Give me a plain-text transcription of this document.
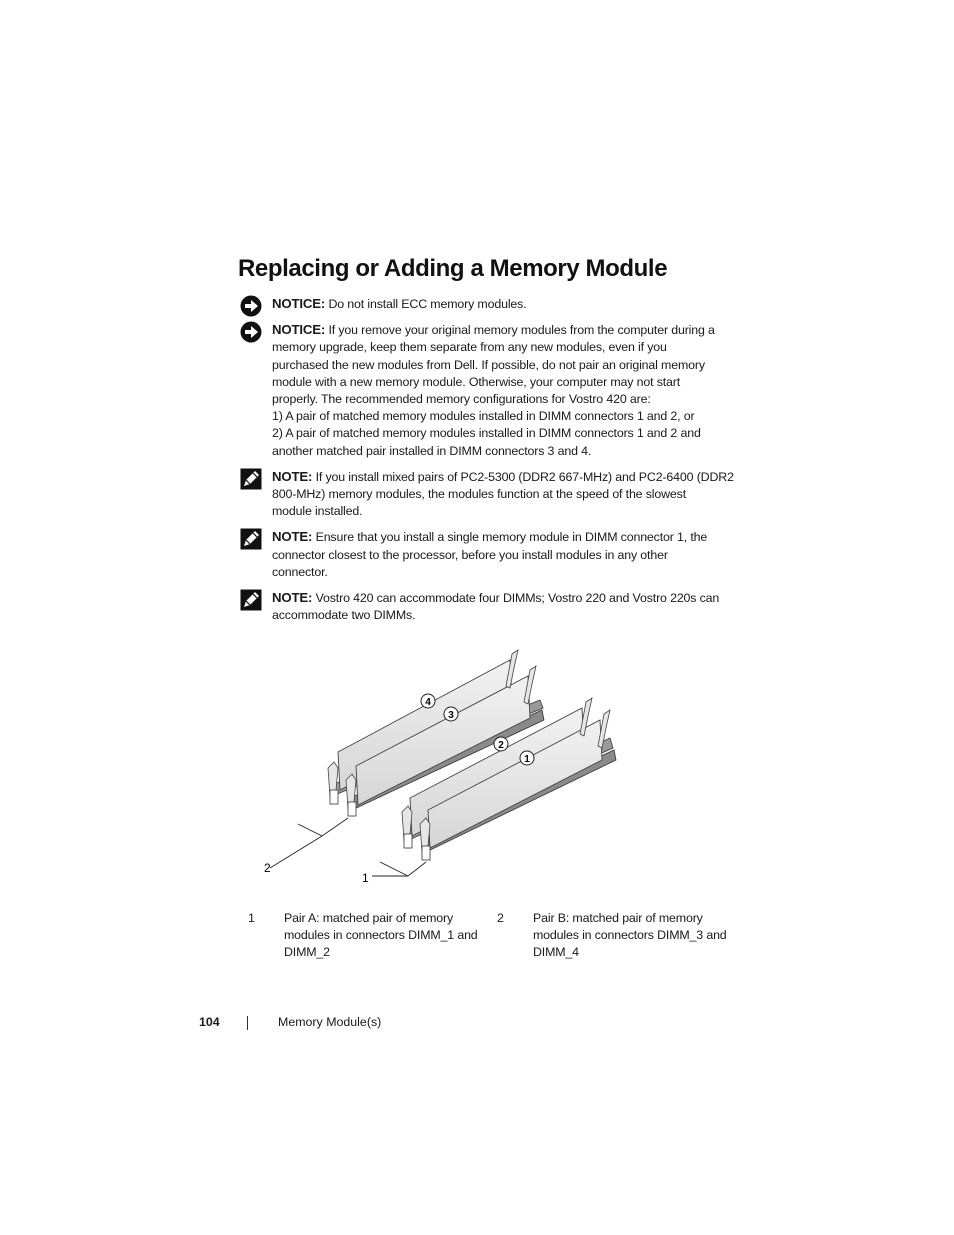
Replacing or Adding a Memory Module

NOTICE: Do not install ECC memory modules.

NOTICE: If you remove your original memory modules from the computer during a
memory upgrade, keep them separate from any new modules, even if you
purchased the new modules from Dell. If possible, do not pair an original memory
module with a new memory module. Otherwise, your computer may not start
properly. The recommended memory configurations for Vostro 420 are:
1) A pair of matched memory modules installed in DIMM connectors 1 and 2, or
2) A pair of matched memory modules installed in DIMM connectors 1 and 2 and
another matched pair installed in DIMM connectors 3 and 4.

NOTE: If you install mixed pairs of PC2-5300 (DDR2 667-MHz) and PC2-6400 (DDR2
800-MHz) memory modules, the modules function at the speed of the slowest
module installed.

NOTE: Ensure that you install a single memory module in DIMM connector 1, the
connector closest to the processor, before you install modules in any other
connector.

NOTE: Vostro 420 can accommodate four DIMMs; Vostro 220 and Vostro 220s can
accommodate two DIMMs.

4
3
2
1
2
1
1 Pair A: matched pair of memory
modules in connectors DIMM_1 and
DIMM_2
2 Pair B: matched pair of memory
modules in connectors DIMM_3 and
DIMM_4
104	Memory Module(s)
